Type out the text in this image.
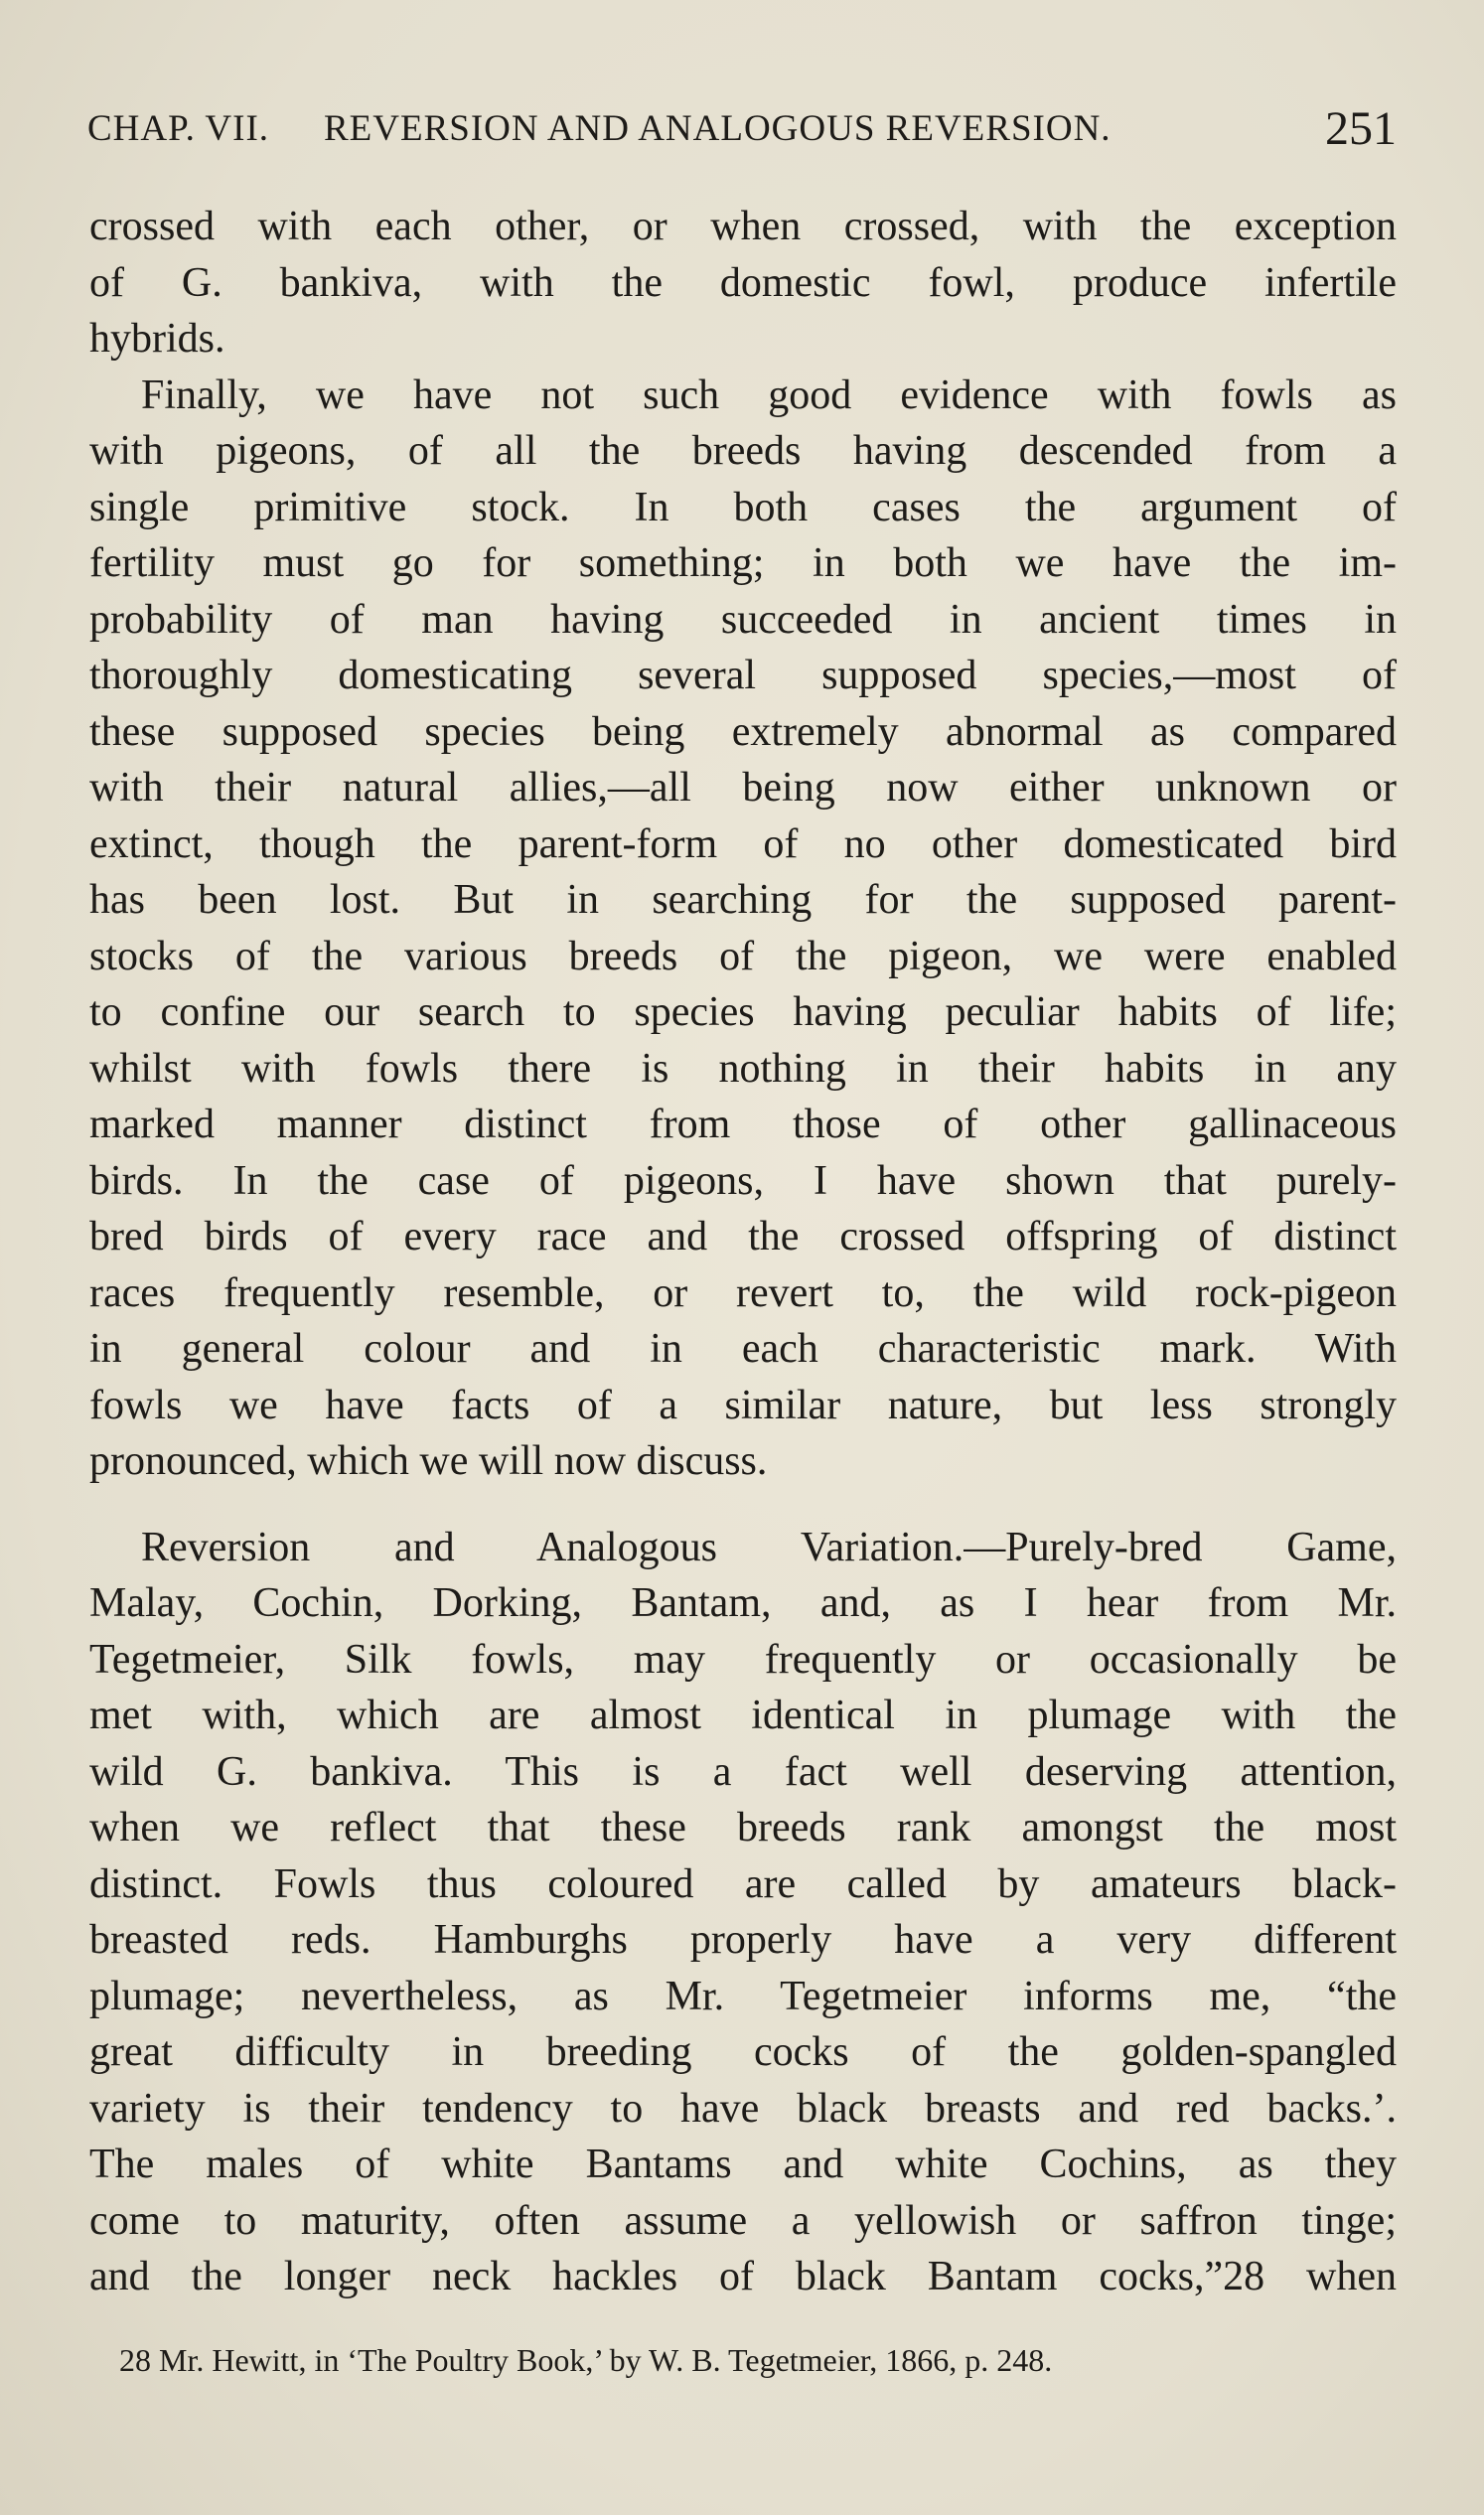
CHAP. VII. REVERSION AND ANALOGOUS REVERSION.	251
crossed with each other, or when crossed, with the exception
of G. bankiva, with the domestic fowl, produce infertile
hybrids.
Finally, we have not such good evidence with fowls as
with pigeons, of all the breeds having descended from a
single primitive stock. In both cases the argument of
fertility must go for something; in both we have the im-
probability of man having succeeded in ancient times in
thoroughly domesticating several supposed species,—most of
these supposed species being extremely abnormal as compared
with their natural allies,—all being now either unknown or
extinct, though the parent-form of no other domesticated bird
has been lost. But in searching for the supposed parent-
stocks of the various breeds of the pigeon, we were enabled
to confine our search to species having peculiar habits of life;
whilst with fowls there is nothing in their habits in any
marked manner distinct from those of other gallinaceous
birds. In the case of pigeons, I have shown that purely-
bred birds of every race and the crossed offspring of distinct
races frequently resemble, or revert to, the wild rock-pigeon
in general colour and in each characteristic mark. With
fowls we have facts of a similar nature, but less strongly
pronounced, which we will now discuss.
Reversion and Analogous Variation.—Purely-bred Game,
Malay, Cochin, Dorking, Bantam, and, as I hear from Mr.
Tegetmeier, Silk fowls, may frequently or occasionally be
met with, which are almost identical in plumage with the
wild G. bankiva. This is a fact well deserving attention,
when we reflect that these breeds rank amongst the most
distinct. Fowls thus coloured are called by amateurs black-
breasted reds. Hamburghs properly have a very different
plumage; nevertheless, as Mr. Tegetmeier informs me, “the
great difficulty in breeding cocks of the golden-spangled
variety is their tendency to have black breasts and red backs.’.
The males of white Bantams and white Cochins, as they
come to maturity, often assume a yellowish or saffron tinge;
and the longer neck hackles of black Bantam cocks,”28 when
28 Mr. Hewitt, in ‘The Poultry Book,’ by W. B. Tegetmeier, 1866, p. 248.
